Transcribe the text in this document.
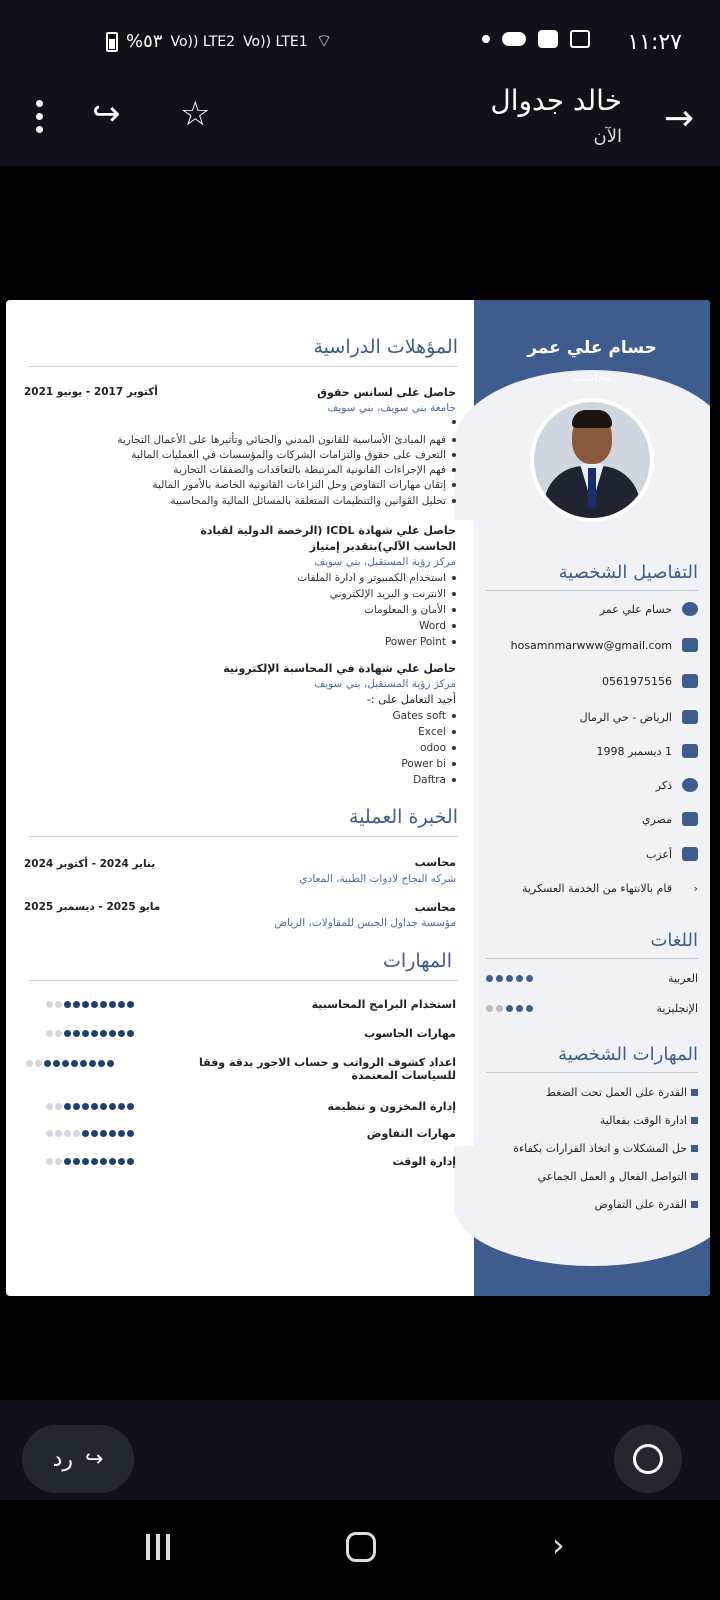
%٥٣ Vo)) LTE2 Vo)) LTE1 ⌔	١١:٢٧
→
خالد جدوال
الآن
↪ ☆
حسام علي عمر
محاسب
التفاصيل الشخصية
حسام علي عمر
hosamnmarwww@gmail.com
0561975156
الرياض - حي الرمال
1 ديسمبر 1998
ذكر
مصري
أعزب
‹
قام بالانتهاء من الخدمة العسكرية
اللغات
العربية
الإنجليزية
المهارات الشخصية
القدرة على العمل تحت الضغط
ادارة الوقت بفعالية
حل المشكلات و اتخاذ القرارات بكفاءة
التواصل الفعال و العمل الجماعي
القدرة على التفاوض
المؤهلات الدراسية
حاصل على لسانس حقوق
أكتوبر 2017 - يونيو 2021
جامعة بني سويف، بني سويف
فهم المبادئ الأساسية للقانون المدني والجنائي وتأثيرها على الأعمال التجارية
التعرف على حقوق والتزامات الشركات والمؤسسات في العمليات المالية
فهم الإجراءات القانونية المرتبطة بالتعاقدات والصفقات التجارية
إتقان مهارات التفاوض وحل النزاعات القانونية الخاصة بالأمور المالية
تحليل القوانين والتنظيمات المتعلقة بالمسائل المالية والمحاسبية
حاصل علي شهادة ICDL (الرخصة الدولية لقيادة
الحاسب الآلي)بتقدير إمتياز
مركز رؤية المستقبل، بني سويف
استخدام الكمبيوتر و ادارة الملفات
الانترنت و البريد الإلكتروني
الأمان و المعلومات
Word
Power Point
حاصل علي شهادة في المحاسبة الإلكترونية
مركز رؤية المستقبل، بني سويف
أجيد التعامل على :-
Gates soft
Excel
odoo
Power bi
Daftra
الخبرة العملية
محاسب
يناير 2024 - أكتوبر 2024
شركه النجاح لادوات الطبية، المعادي
محاسب
مايو 2025 - ديسمبر 2025
مؤسسة جداول الجبس للمقاولات، الرياض
المهارات
استخدام البرامج المحاسبية
مهارات الحاسوب
اعداد كشوف الرواتب و حساب الاجور بدقة وفقا للسياسات المعتمدة
إدارة المخزون و تنظيمة
مهارات التفاوض
إدارة الوقت
رد ↪
›
